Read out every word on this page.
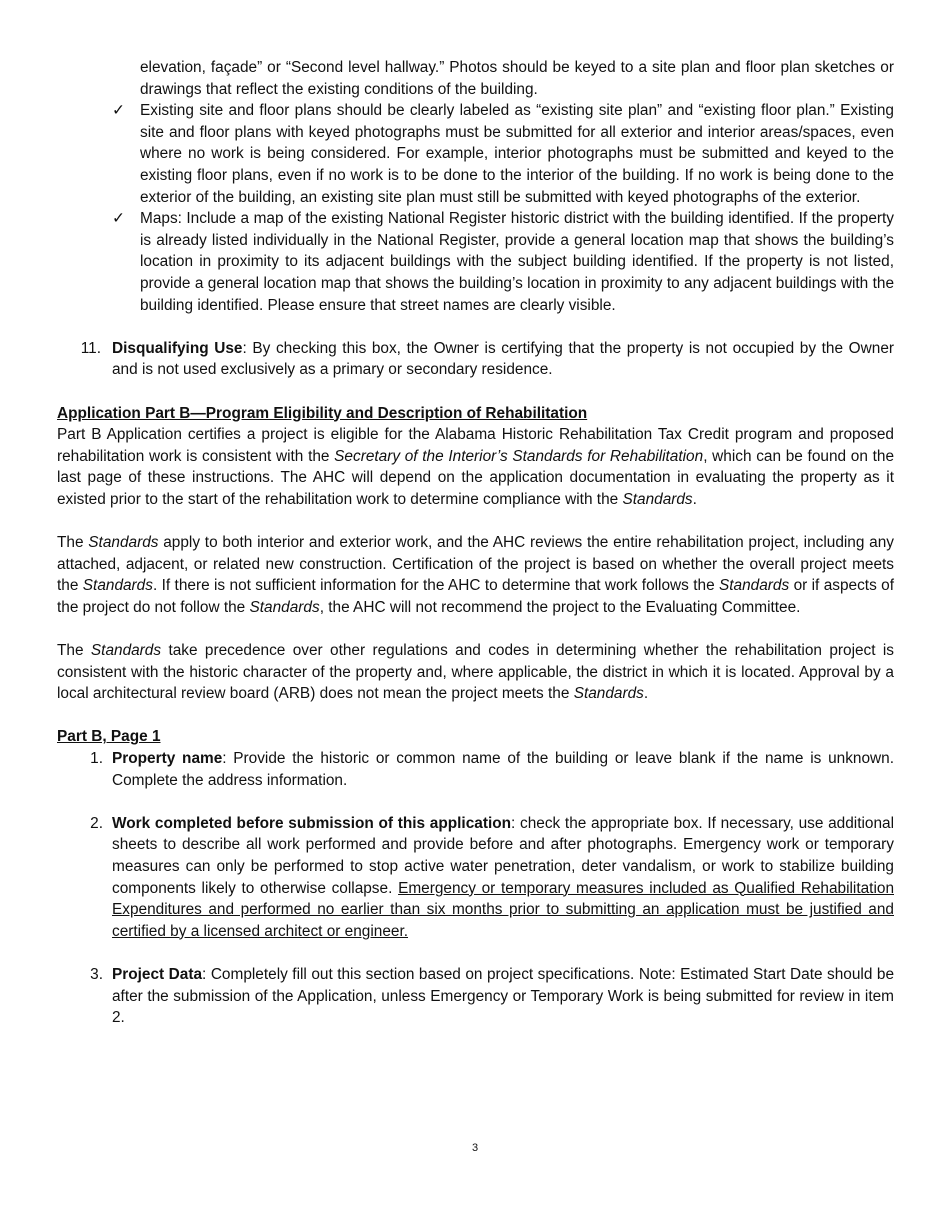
elevation, façade” or “Second level hallway.” Photos should be keyed to a site plan and floor plan sketches or drawings that reflect the existing conditions of the building.

✓ Existing site and floor plans should be clearly labeled as “existing site plan” and “existing floor plan.” Existing site and floor plans with keyed photographs must be submitted for all exterior and interior areas/spaces, even where no work is being considered. For example, interior photographs must be submitted and keyed to the existing floor plans, even if no work is to be done to the interior of the building. If no work is being done to the exterior of the building, an existing site plan must still be submitted with keyed photographs of the exterior.

✓ Maps: Include a map of the existing National Register historic district with the building identified. If the property is already listed individually in the National Register, provide a general location map that shows the building’s location in proximity to its adjacent buildings with the subject building identified. If the property is not listed, provide a general location map that shows the building’s location in proximity to any adjacent buildings with the building identified. Please ensure that street names are clearly visible.

11. Disqualifying Use: By checking this box, the Owner is certifying that the property is not occupied by the Owner and is not used exclusively as a primary or secondary residence.

Application Part B—Program Eligibility and Description of Rehabilitation

Part B Application certifies a project is eligible for the Alabama Historic Rehabilitation Tax Credit program and proposed rehabilitation work is consistent with the Secretary of the Interior’s Standards for Rehabilitation, which can be found on the last page of these instructions. The AHC will depend on the application documentation in evaluating the property as it existed prior to the start of the rehabilitation work to determine compliance with the Standards.

The Standards apply to both interior and exterior work, and the AHC reviews the entire rehabilitation project, including any attached, adjacent, or related new construction. Certification of the project is based on whether the overall project meets the Standards. If there is not sufficient information for the AHC to determine that work follows the Standards or if aspects of the project do not follow the Standards, the AHC will not recommend the project to the Evaluating Committee.

The Standards take precedence over other regulations and codes in determining whether the rehabilitation project is consistent with the historic character of the property and, where applicable, the district in which it is located. Approval by a local architectural review board (ARB) does not mean the project meets the Standards.

Part B, Page 1

1. Property name: Provide the historic or common name of the building or leave blank if the name is unknown. Complete the address information.

2. Work completed before submission of this application: check the appropriate box. If necessary, use additional sheets to describe all work performed and provide before and after photographs. Emergency work or temporary measures can only be performed to stop active water penetration, deter vandalism, or work to stabilize building components likely to otherwise collapse. Emergency or temporary measures included as Qualified Rehabilitation Expenditures and performed no earlier than six months prior to submitting an application must be justified and certified by a licensed architect or engineer.

3. Project Data: Completely fill out this section based on project specifications. Note: Estimated Start Date should be after the submission of the Application, unless Emergency or Temporary Work is being submitted for review in item 2.

3
